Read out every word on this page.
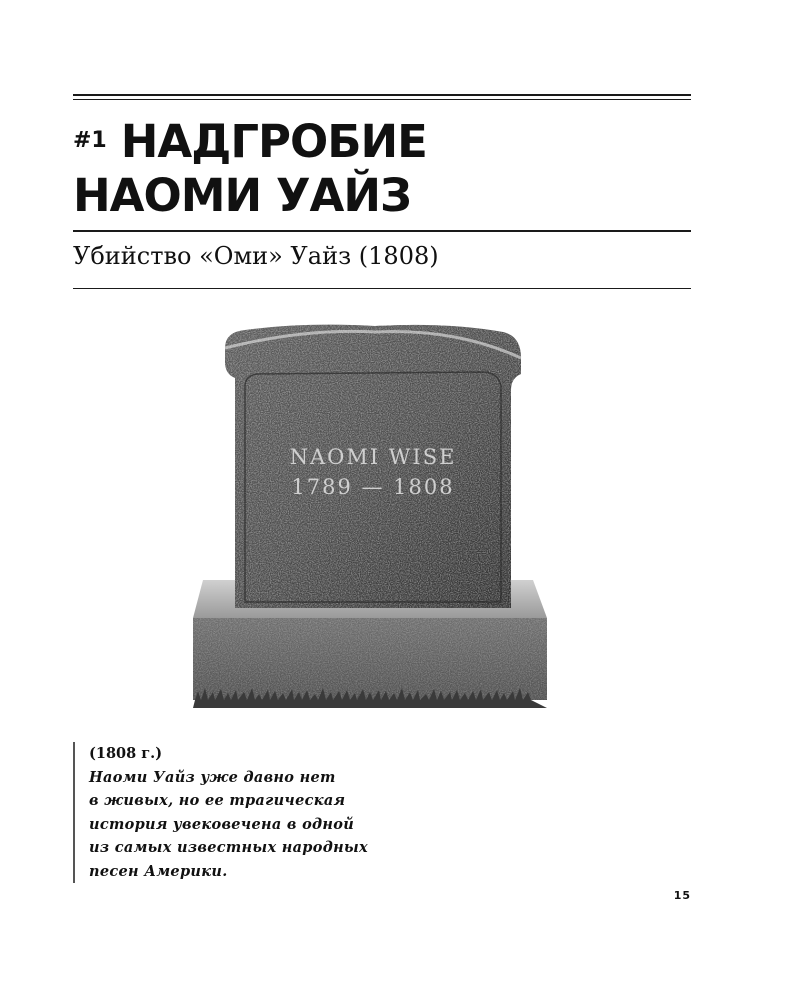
$^{\#1}$ НАДГРОБИЕ
НАОМИ УАЙЗ
Убийство «Оми» Уайз (1808)
NAOMI WISE
1789 — 1808
(1808 г.)
Наоми Уайз уже давно нет
в живых, но ее трагическая
история увековечена в одной
из самых известных народных
песен Америки.
15
